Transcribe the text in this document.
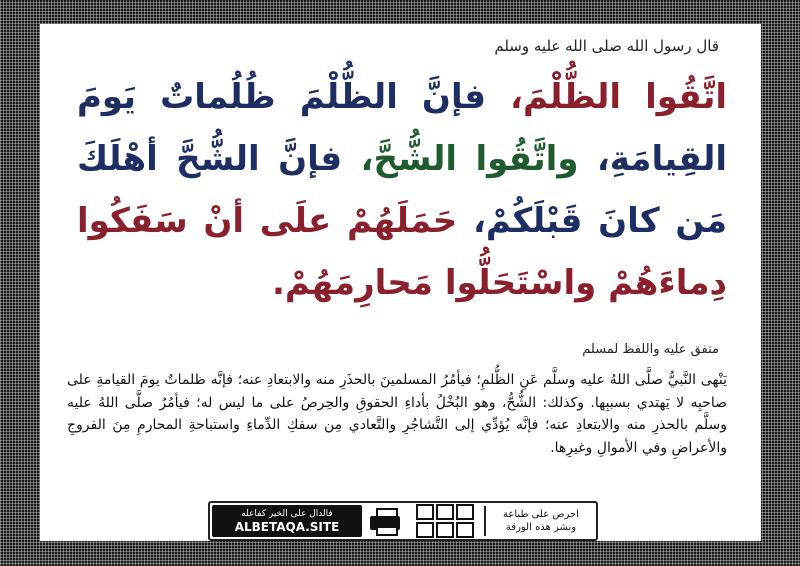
قال رسول الله صلى الله عليه وسلم
اتَّقُوا الظُّلْمَ، فإنَّ الظُّلْمَ ظُلُماتٌ يَومَ القِيامَةِ، واتَّقُوا الشُّحَّ، فإنَّ الشُّحَّ أهْلَكَ مَن كانَ قَبْلَكُمْ، حَمَلَهُمْ علَى أنْ سَفَكُوا دِماءَهُمْ واسْتَحَلُّوا مَحارِمَهُمْ.
متفق عليه واللفظ لمسلم
يَنْهى النَّبيُّ صلَّى اللهُ عليه وسلَّم عَنِ الظُّلمِ؛ فيأمُرُ المسلمينَ بالحذَرِ منه والابتعادِ عنه؛ فإنَّه ظلماتٌ يومَ القيامةِ على صاحبِه لا يَهتدي بسببِها. وكذلك: الشُّحُّ، وهو البُخْلُ بأداءِ الحقوقِ والحِرصُ على ما ليس له؛ فيأمُرُ صلَّى اللهُ عليه وسلَّم بالحذرِ منه والابتعادِ عنه؛ فإنَّه يُؤدِّي إلى التَّشاجُرِ والتَّعادي مِن سفكِ الدِّماءِ واستباحةِ المحارمِ مِنَ الفروجِ والأعراضِ وفي الأموالِ وغيرِها.
احرص على طباعة
ونشر هذه الورقة
فالدال على الخير كفاعله
ALBETAQA.SITE
